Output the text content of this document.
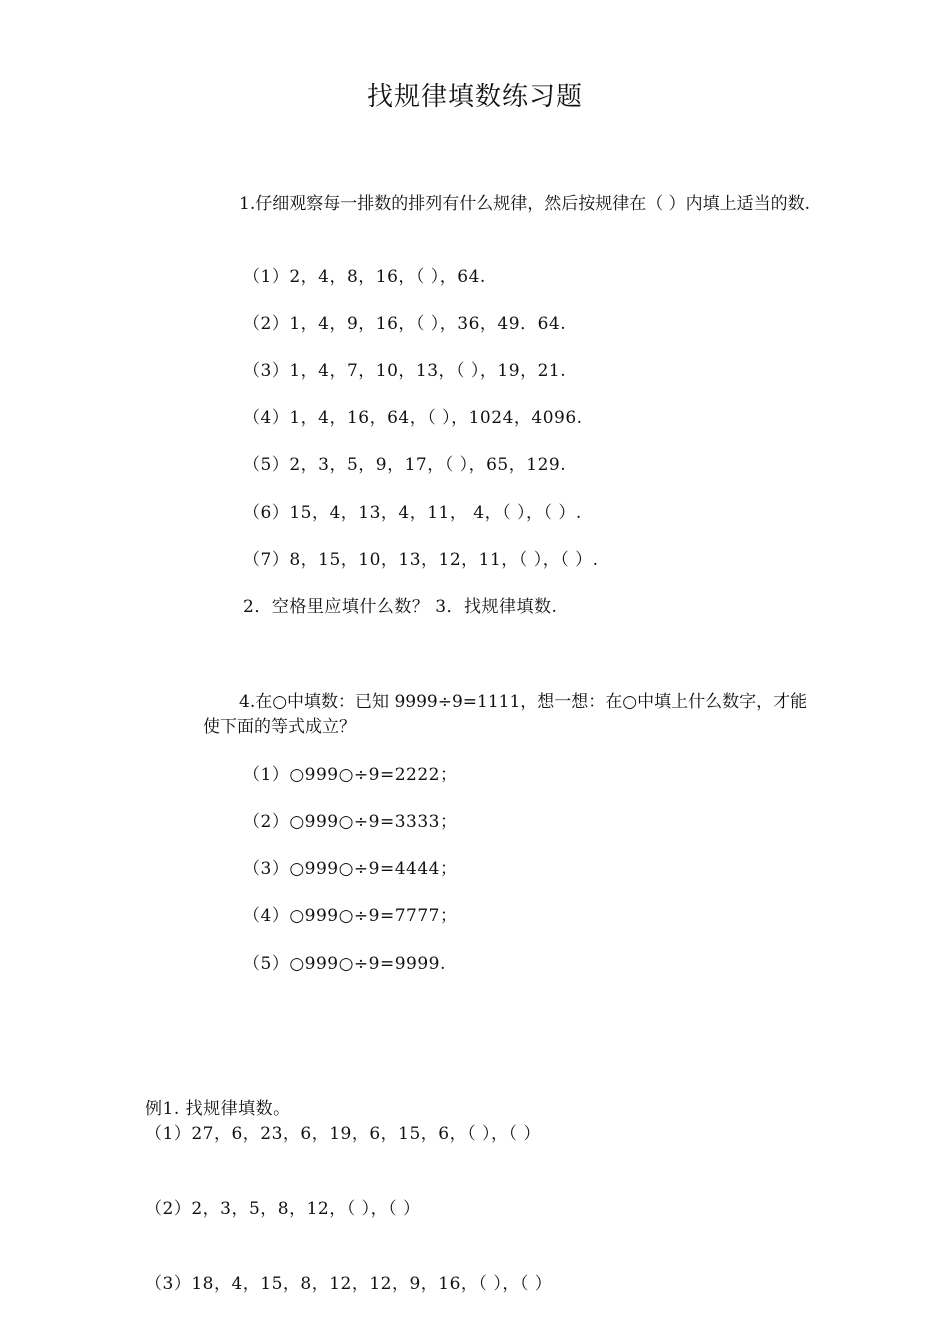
找规律填数练习题
1.仔细观察每一排数的排列有什么规律，然后按规律在（ ）内填上适当的数.
（1）2，4，8，16，（ ），64.
（2）1，4，9，16，（ ），36，49．64.
（3）1，4，7，10，13，（ ），19，21.
（4）1，4，16，64，（ ），1024，4096.
（5）2，3，5，9，17，（ ），65，129.
（6）15，4，13，4，11， 4，（ ），（ ）.
（7）8，15，10，13，12，11，（ ），（ ）.
2．空格里应填什么数？ 3．找规律填数.
4.在○中填数：已知 9999÷9=1111，想一想：在○中填上什么数字，才能使下面的等式成立？
（1）○999○÷9=2222；
（2）○999○÷9=3333；
（3）○999○÷9=4444；
（4）○999○÷9=7777；
（5）○999○÷9=9999.
例1. 找规律填数。
（1）27，6，23，6，19，6，15，6，（ ），（ ）
（2）2，3，5，8，12，（ ），（ ）
（3）18，4，15，8，12，12，9，16，（ ），（ ）
